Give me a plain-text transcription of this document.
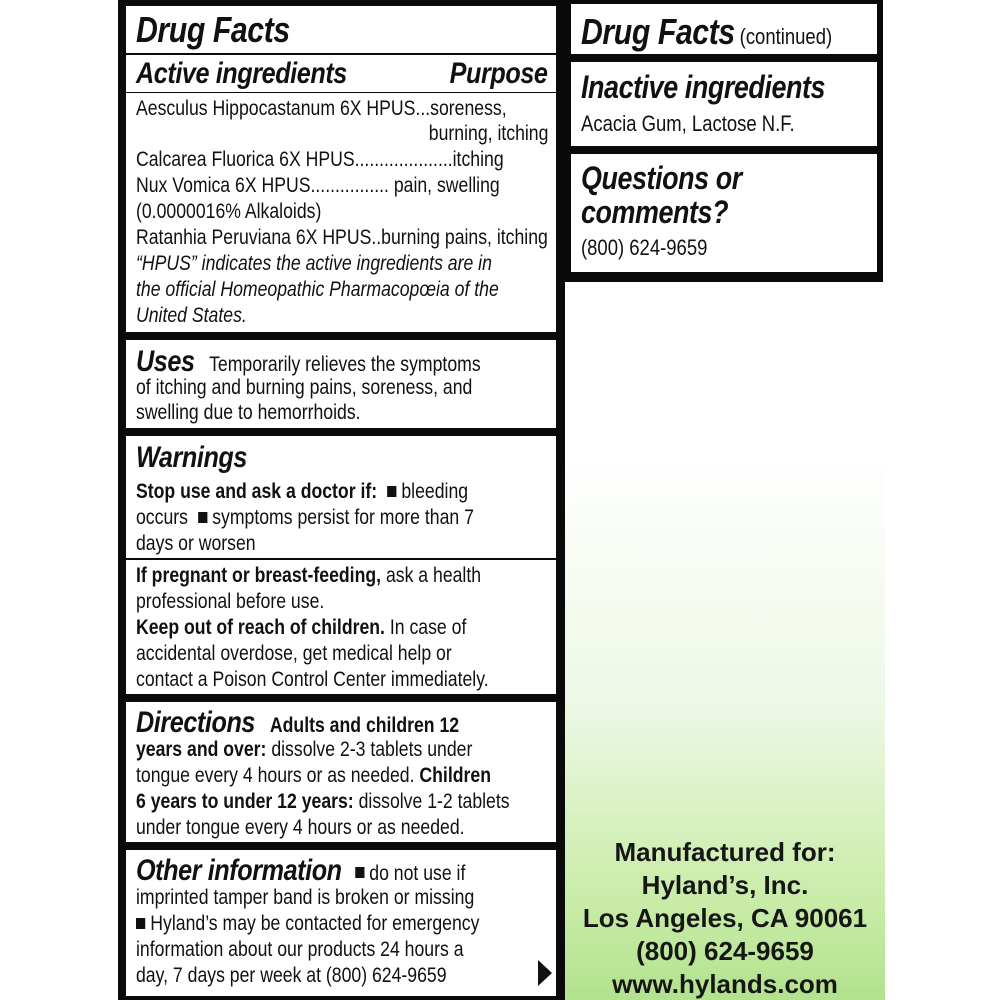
Drug Facts
Active ingredients	Purpose
Aesculus Hippocastanum 6X HPUS...soreness,
burning, itching
Calcarea Fluorica 6X HPUS....................itching
Nux Vomica 6X HPUS................ pain, swelling
(0.0000016% Alkaloids)
Ratanhia Peruviana 6X HPUS..burning pains, itching
“HPUS” indicates the active ingredients are in
the official Homeopathic Pharmacopœia of the
United States.
Uses Temporarily relieves the symptoms
of itching and burning pains, soreness, and
swelling due to hemorrhoids.
Warnings
Stop use and ask a doctor if: bleeding
occurs symptoms persist for more than 7
days or worsen
If pregnant or breast-feeding, ask a health
professional before use.
Keep out of reach of children. In case of
accidental overdose, get medical help or
contact a Poison Control Center immediately.
Directions Adults and children 12
years and over: dissolve 2-3 tablets under
tongue every 4 hours or as needed. Children
6 years to under 12 years: dissolve 1-2 tablets
under tongue every 4 hours or as needed.
Other information do not use if
imprinted tamper band is broken or missing
Hyland’s may be contacted for emergency
information about our products 24 hours a
day, 7 days per week at (800) 624-9659
Drug Facts (continued)
Inactive ingredients
Acacia Gum, Lactose N.F.
Questions or
comments?
(800) 624-9659
Manufactured for:
Hyland’s, Inc.
Los Angeles, CA 90061
(800) 624-9659
www.hylands.com
